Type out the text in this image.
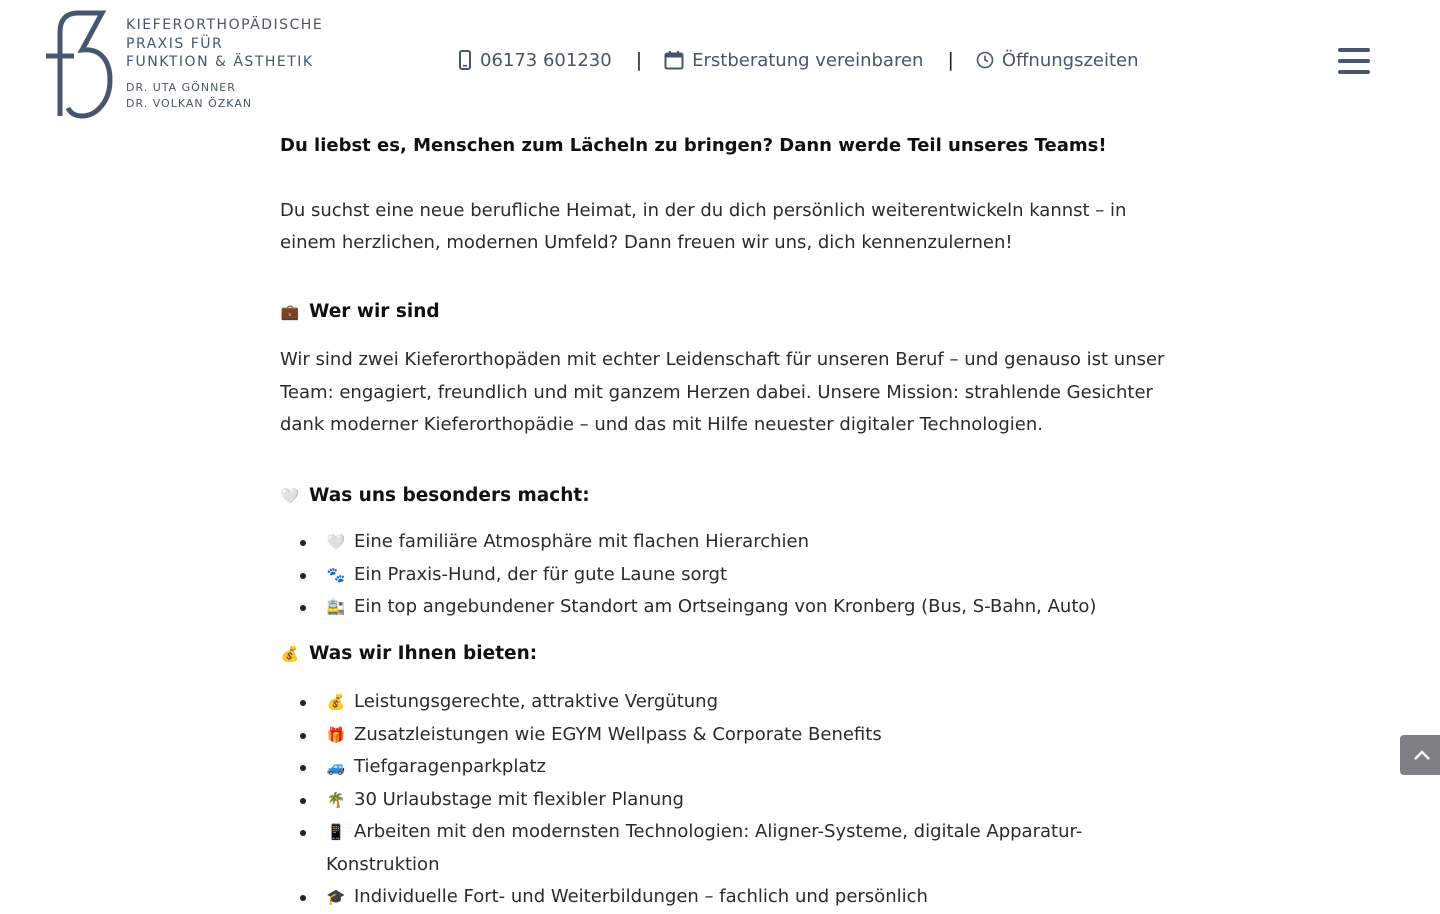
KIEFERORTHOPÄDISCHE
PRAXIS FÜR
FUNKTION & ÄSTHETIK
DR. UTA GÖNNER
DR. VOLKAN ÖZKAN
06173 601230 |	Erstberatung vereinbaren |	Öffnungszeiten

Du liebst es, Menschen zum Lächeln zu bringen? Dann werde Teil unseres Teams!

Du suchst eine neue berufliche Heimat, in der du dich persönlich weiterentwickeln kannst – in einem herzlichen, modernen Umfeld? Dann freuen wir uns, dich kennenzulernen!

💼 Wer wir sind

Wir sind zwei Kieferorthopäden mit echter Leidenschaft für unseren Beruf – und genauso ist unser Team: engagiert, freundlich und mit ganzem Herzen dabei. Unsere Mission: strahlende Gesichter dank moderner Kieferorthopädie – und das mit Hilfe neuester digitaler Technologien.

🤍 Was uns besonders macht:
🤍 Eine familiäre Atmosphäre mit flachen Hierarchien
🐾 Ein Praxis-Hund, der für gute Laune sorgt
🚉 Ein top angebundener Standort am Ortseingang von Kronberg (Bus, S-Bahn, Auto)
💰 Was wir Ihnen bieten:
💰 Leistungsgerechte, attraktive Vergütung
🎁 Zusatzleistungen wie EGYM Wellpass & Corporate Benefits
🚙 Tiefgaragenparkplatz
🌴 30 Urlaubstage mit flexibler Planung
📱 Arbeiten mit den modernsten Technologien: Aligner-Systeme, digitale Apparatur-Konstruktion
🎓 Individuelle Fort- und Weiterbildungen – fachlich und persönlich
